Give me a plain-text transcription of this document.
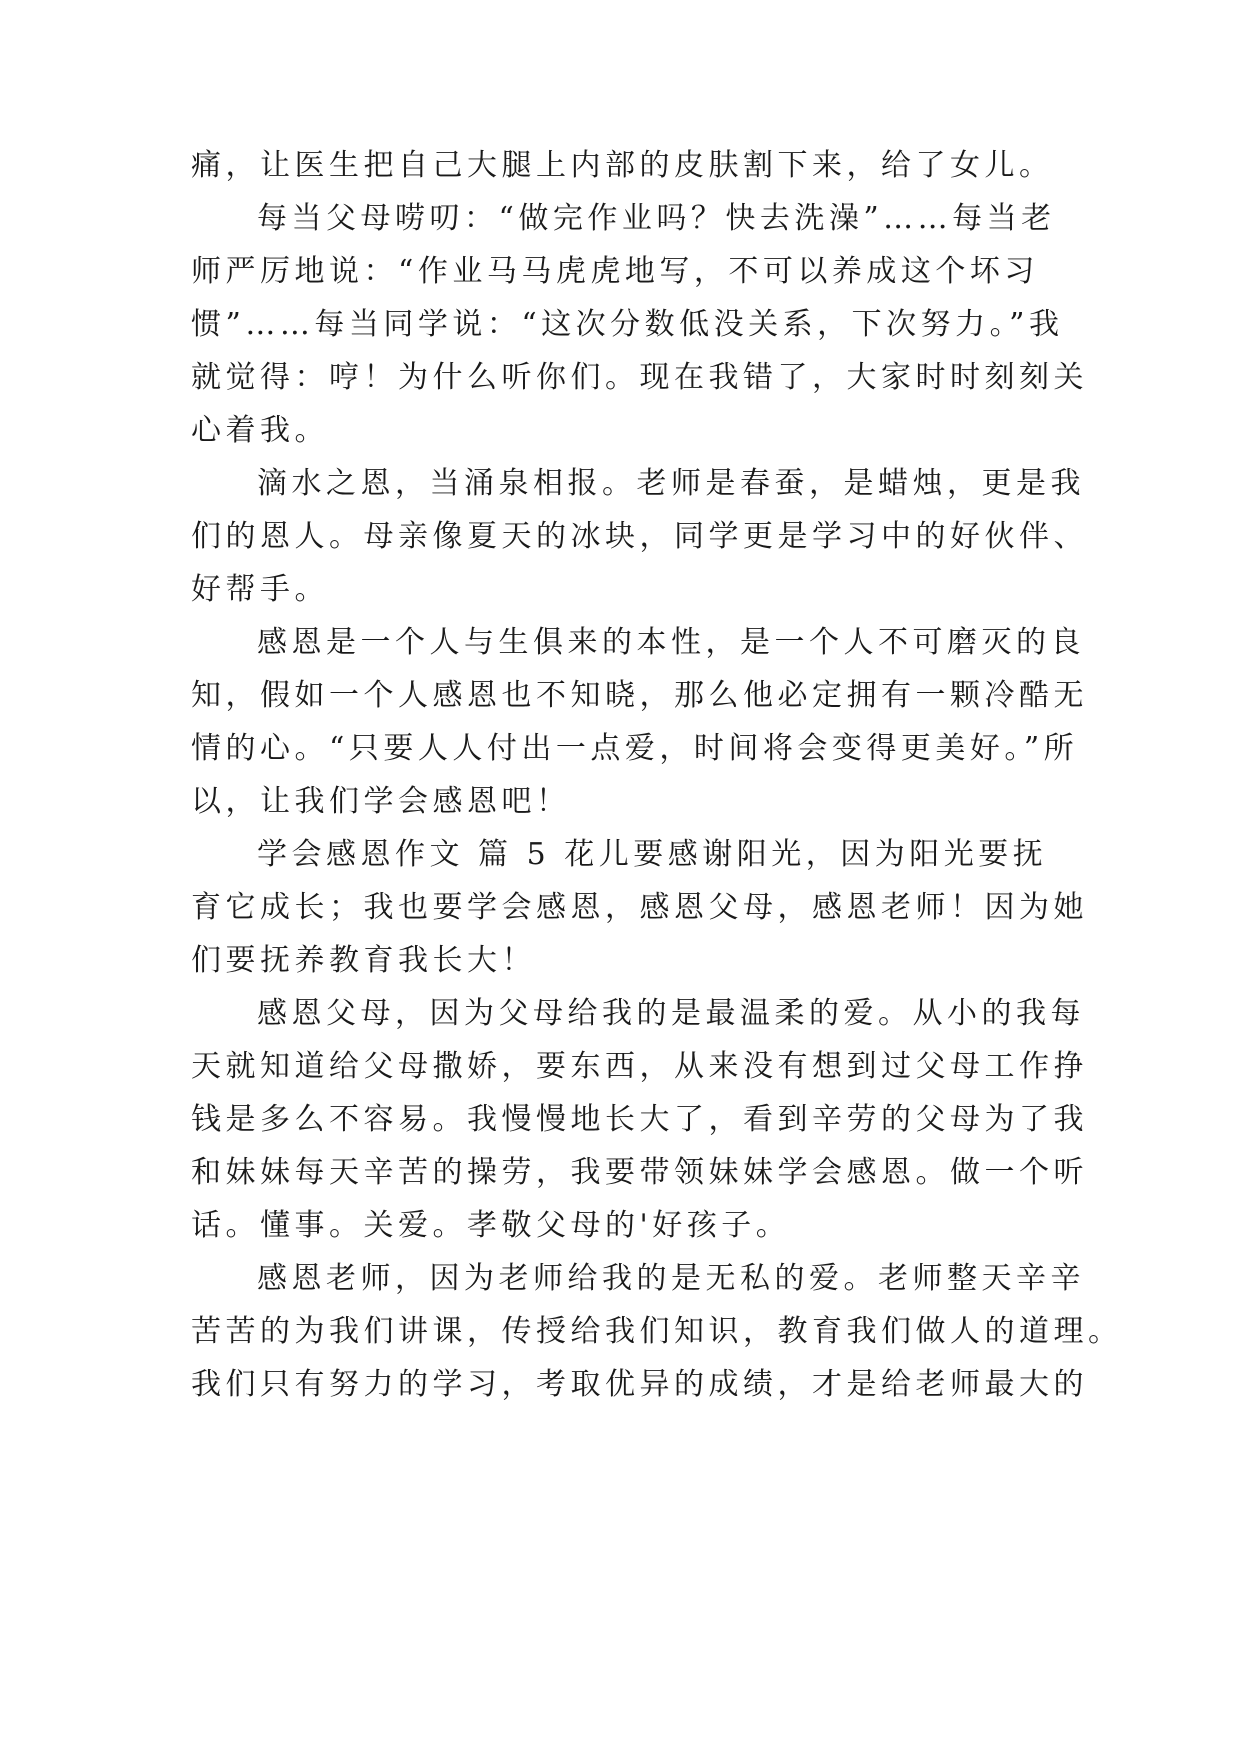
痛，让医生把自己大腿上内部的皮肤割下来，给了女儿。
每当父母唠叨：“做完作业吗？快去洗澡”……每当老
师严厉地说：“作业马马虎虎地写，不可以养成这个坏习
惯”……每当同学说：“这次分数低没关系，下次努力。”我
就觉得：哼！为什么听你们。现在我错了，大家时时刻刻关
心着我。
滴水之恩，当涌泉相报。老师是春蚕，是蜡烛，更是我
们的恩人。母亲像夏天的冰块，同学更是学习中的好伙伴、
好帮手。
感恩是一个人与生俱来的本性，是一个人不可磨灭的良
知，假如一个人感恩也不知晓，那么他必定拥有一颗冷酷无
情的心。“只要人人付出一点爱，时间将会变得更美好。”所
以，让我们学会感恩吧！
学会感恩作文 篇 5 花儿要感谢阳光，因为阳光要抚
育它成长；我也要学会感恩，感恩父母，感恩老师！因为她
们要抚养教育我长大！
感恩父母，因为父母给我的是最温柔的爱。从小的我每
天就知道给父母撒娇，要东西，从来没有想到过父母工作挣
钱是多么不容易。我慢慢地长大了，看到辛劳的父母为了我
和妹妹每天辛苦的操劳，我要带领妹妹学会感恩。做一个听
话。懂事。关爱。孝敬父母的'好孩子。
感恩老师，因为老师给我的是无私的爱。老师整天辛辛
苦苦的为我们讲课，传授给我们知识，教育我们做人的道理。
我们只有努力的学习，考取优异的成绩，才是给老师最大的
